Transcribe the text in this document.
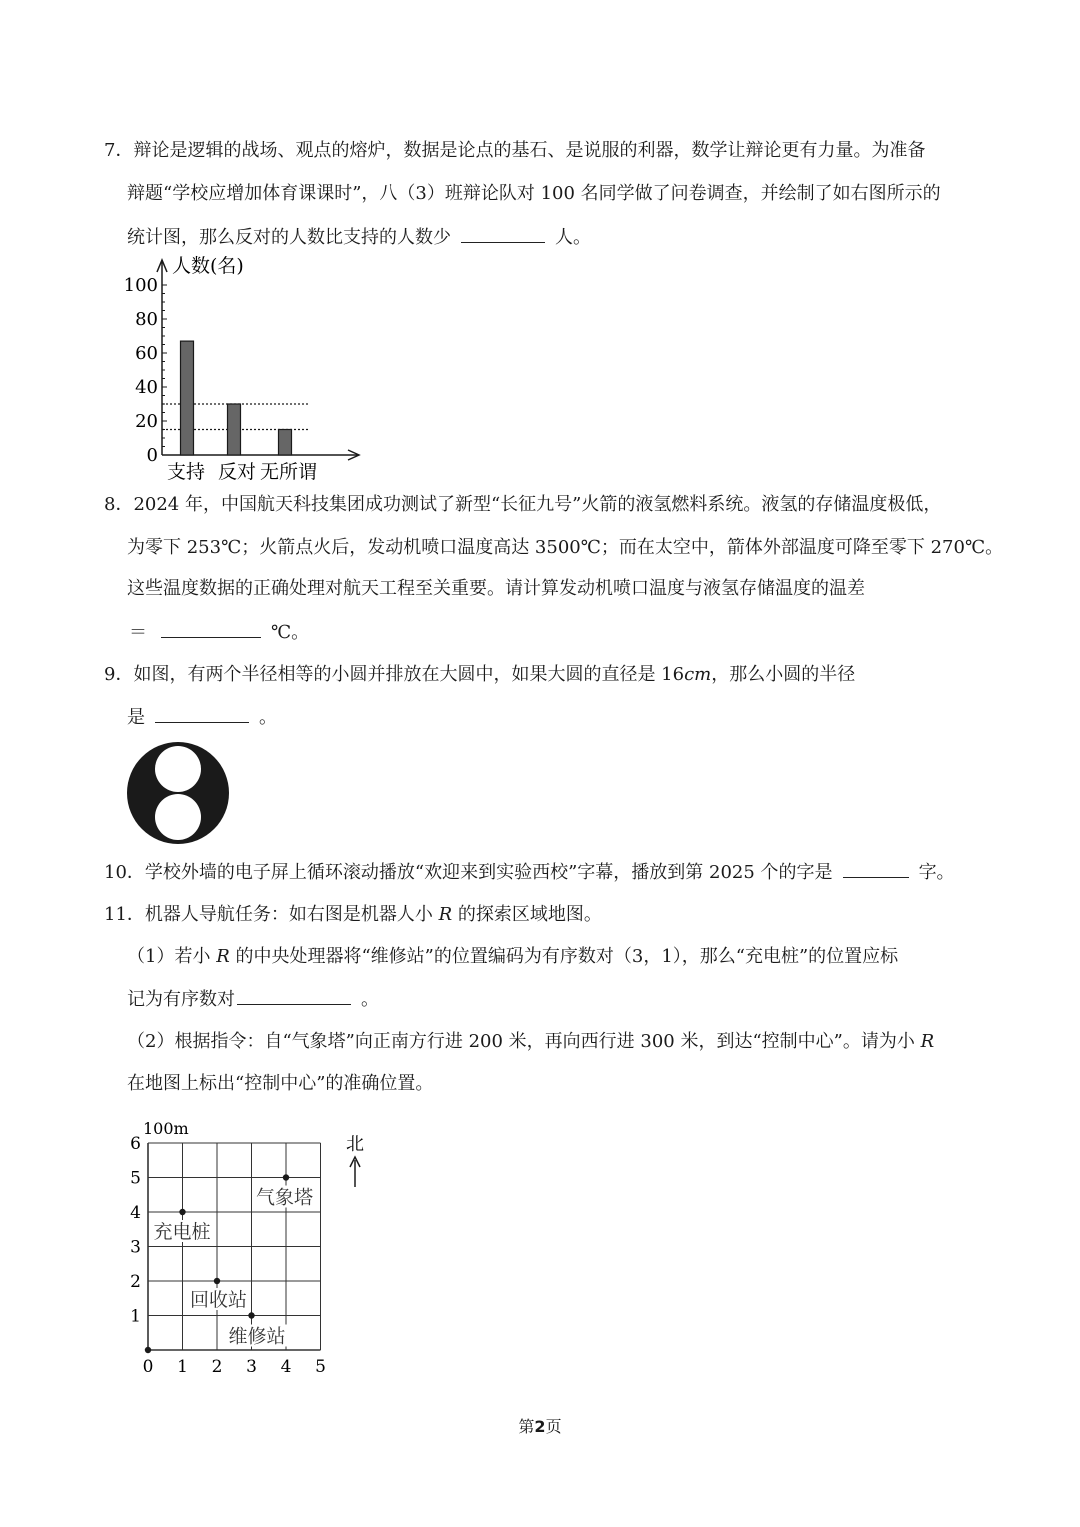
7．辩论是逻辑的战场、观点的熔炉，数据是论点的基石、是说服的利器，数学让辩论更有力量。为准备
辩题“学校应增加体育课课时”，八（3）班辩论队对 100 名同学做了问卷调查，并绘制了如右图所示的
统计图，那么反对的人数比支持的人数少	人。
0
20
40
60
80
100
支持 反对 无所谓
人数(名)
8．2024 年，中国航天科技集团成功测试了新型“长征九号”火箭的液氢燃料系统。液氢的存储温度极低，
为零下 253℃；火箭点火后，发动机喷口温度高达 3500℃；而在太空中，箭体外部温度可降至零下 270℃。
这些温度数据的正确处理对航天工程至关重要。请计算发动机喷口温度与液氢存储温度的温差
＝	℃。
9．如图，有两个半径相等的小圆并排放在大圆中，如果大圆的直径是 16cm，那么小圆的半径
是	。
10．学校外墙的电子屏上循环滚动播放“欢迎来到实验西校”字幕，播放到第 2025 个的字是	字。
11．机器人导航任务：如右图是机器人小 R 的探索区域地图。
（1）若小 R 的中央处理器将“维修站”的位置编码为有序数对（3，1），那么“充电桩”的位置应标
记为有序数对	。
（2）根据指令：自“气象塔”向正南方行进 200 米，再向西行进 300 米，到达“控制中心”。请为小 R
在地图上标出“控制中心”的准确位置。
0 1 2 3 4 5
1
2
3
4
5
6
气象塔
充电桩
回收站
维修站
100m
北
第2页
